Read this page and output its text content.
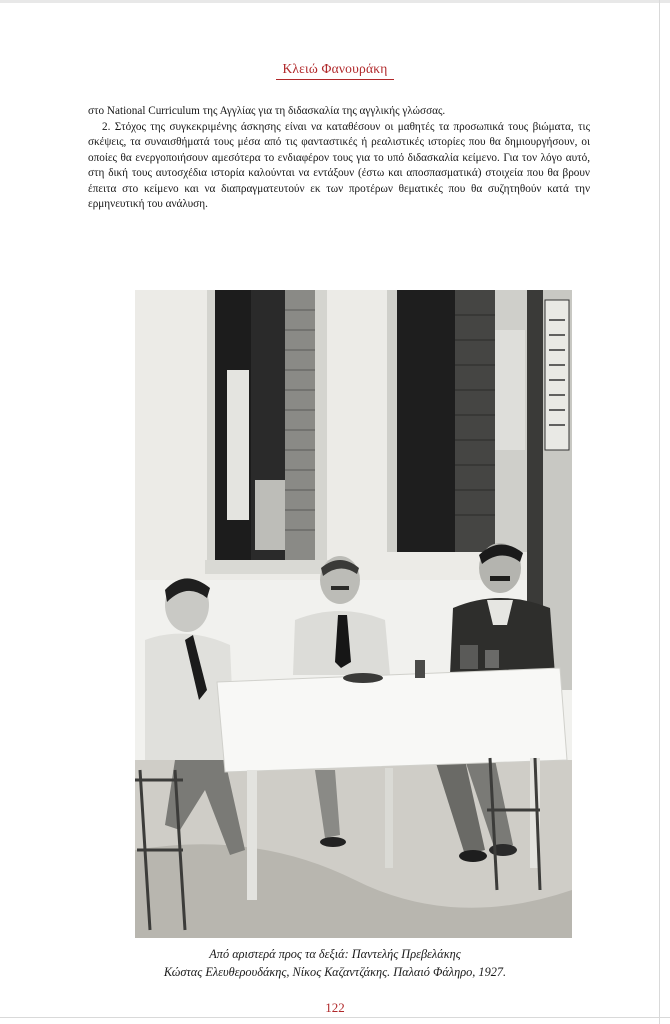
Κλειώ Φανουράκη

στο National Curriculum της Αγγλίας για τη διδασκαλία της αγγλικής γλώσσας.

2. Στόχος της συγκεκριμένης άσκησης είναι να καταθέσουν οι μαθητές τα προσωπικά τους βιώματα, τις σκέψεις, τα συναισθήματά τους μέσα από τις φανταστικές ή ρεαλιστικές ιστορίες που θα δημιουργήσουν, οι οποίες θα ενεργοποιήσουν αμεσότερα το ενδιαφέρον τους για το υπό διδασκαλία κείμενο. Για τον λόγο αυτό, στη δική τους αυτοσχέδια ιστορία καλούνται να εντάξουν (έστω και αποσπασματικά) στοιχεία που θα βρουν έπειτα στο κείμενο και να διαπραγματευτούν εκ των προτέρων θεματικές που θα συζητηθούν κατά την ερμηνευτική του ανάλυση.

Από αριστερά προς τα δεξιά: Παντελής Πρεβελάκης

Κώστας Ελευθερουδάκης, Νίκος Καζαντζάκης. Παλαιό Φάληρο, 1927.

122
